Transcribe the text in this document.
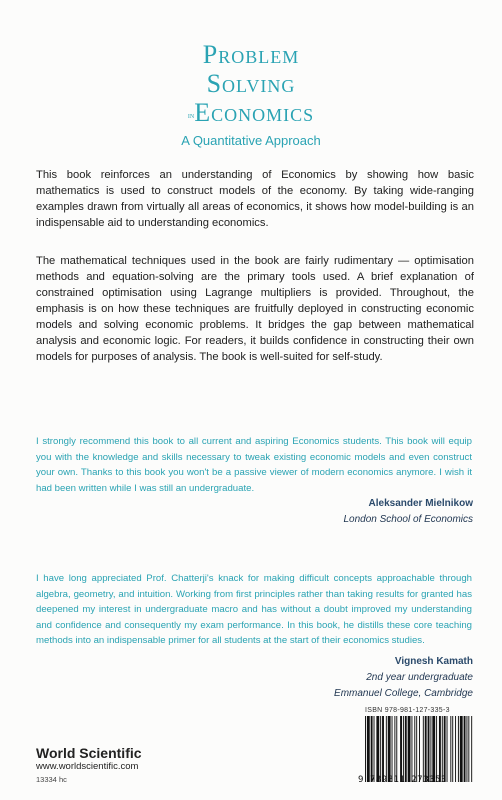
Problem
Solving
inEconomics
A Quantitative Approach
This book reinforces an understanding of Economics by showing how basic mathematics is used to construct models of the economy. By taking wide-ranging examples drawn from virtually all areas of economics, it shows how model-building is an indispensable aid to understanding economics.
The mathematical techniques used in the book are fairly rudimentary — optimisation methods and equation-solving are the primary tools used. A brief explanation of constrained optimisation using Lagrange multipliers is provided. Throughout, the emphasis is on how these techniques are fruitfully deployed in constructing economic models and solving economic problems. It bridges the gap between mathematical analysis and economic logic. For readers, it builds confidence in constructing their own models for purposes of analysis. The book is well-suited for self-study.
I strongly recommend this book to all current and aspiring Economics students. This book will equip you with the knowledge and skills necessary to tweak existing economic models and even construct your own. Thanks to this book you won't be a passive viewer of modern economics anymore. I wish it had been written while I was still an undergraduate.
Aleksander Mielnikow
London School of Economics
I have long appreciated Prof. Chatterji's knack for making difficult concepts approachable through algebra, geometry, and intuition. Working from first principles rather than taking results for granted has deepened my interest in undergraduate macro and has without a doubt improved my understanding and confidence and consequently my exam performance. In this book, he distills these core teaching methods into an indispensable primer for all students at the start of their economics studies.
Vignesh Kamath
2nd year undergraduate
Emmanuel College, Cambridge
World Scientific
www.worldscientific.com
13334 hc
ISBN 978-981-127-335-3
9 789811 273353
